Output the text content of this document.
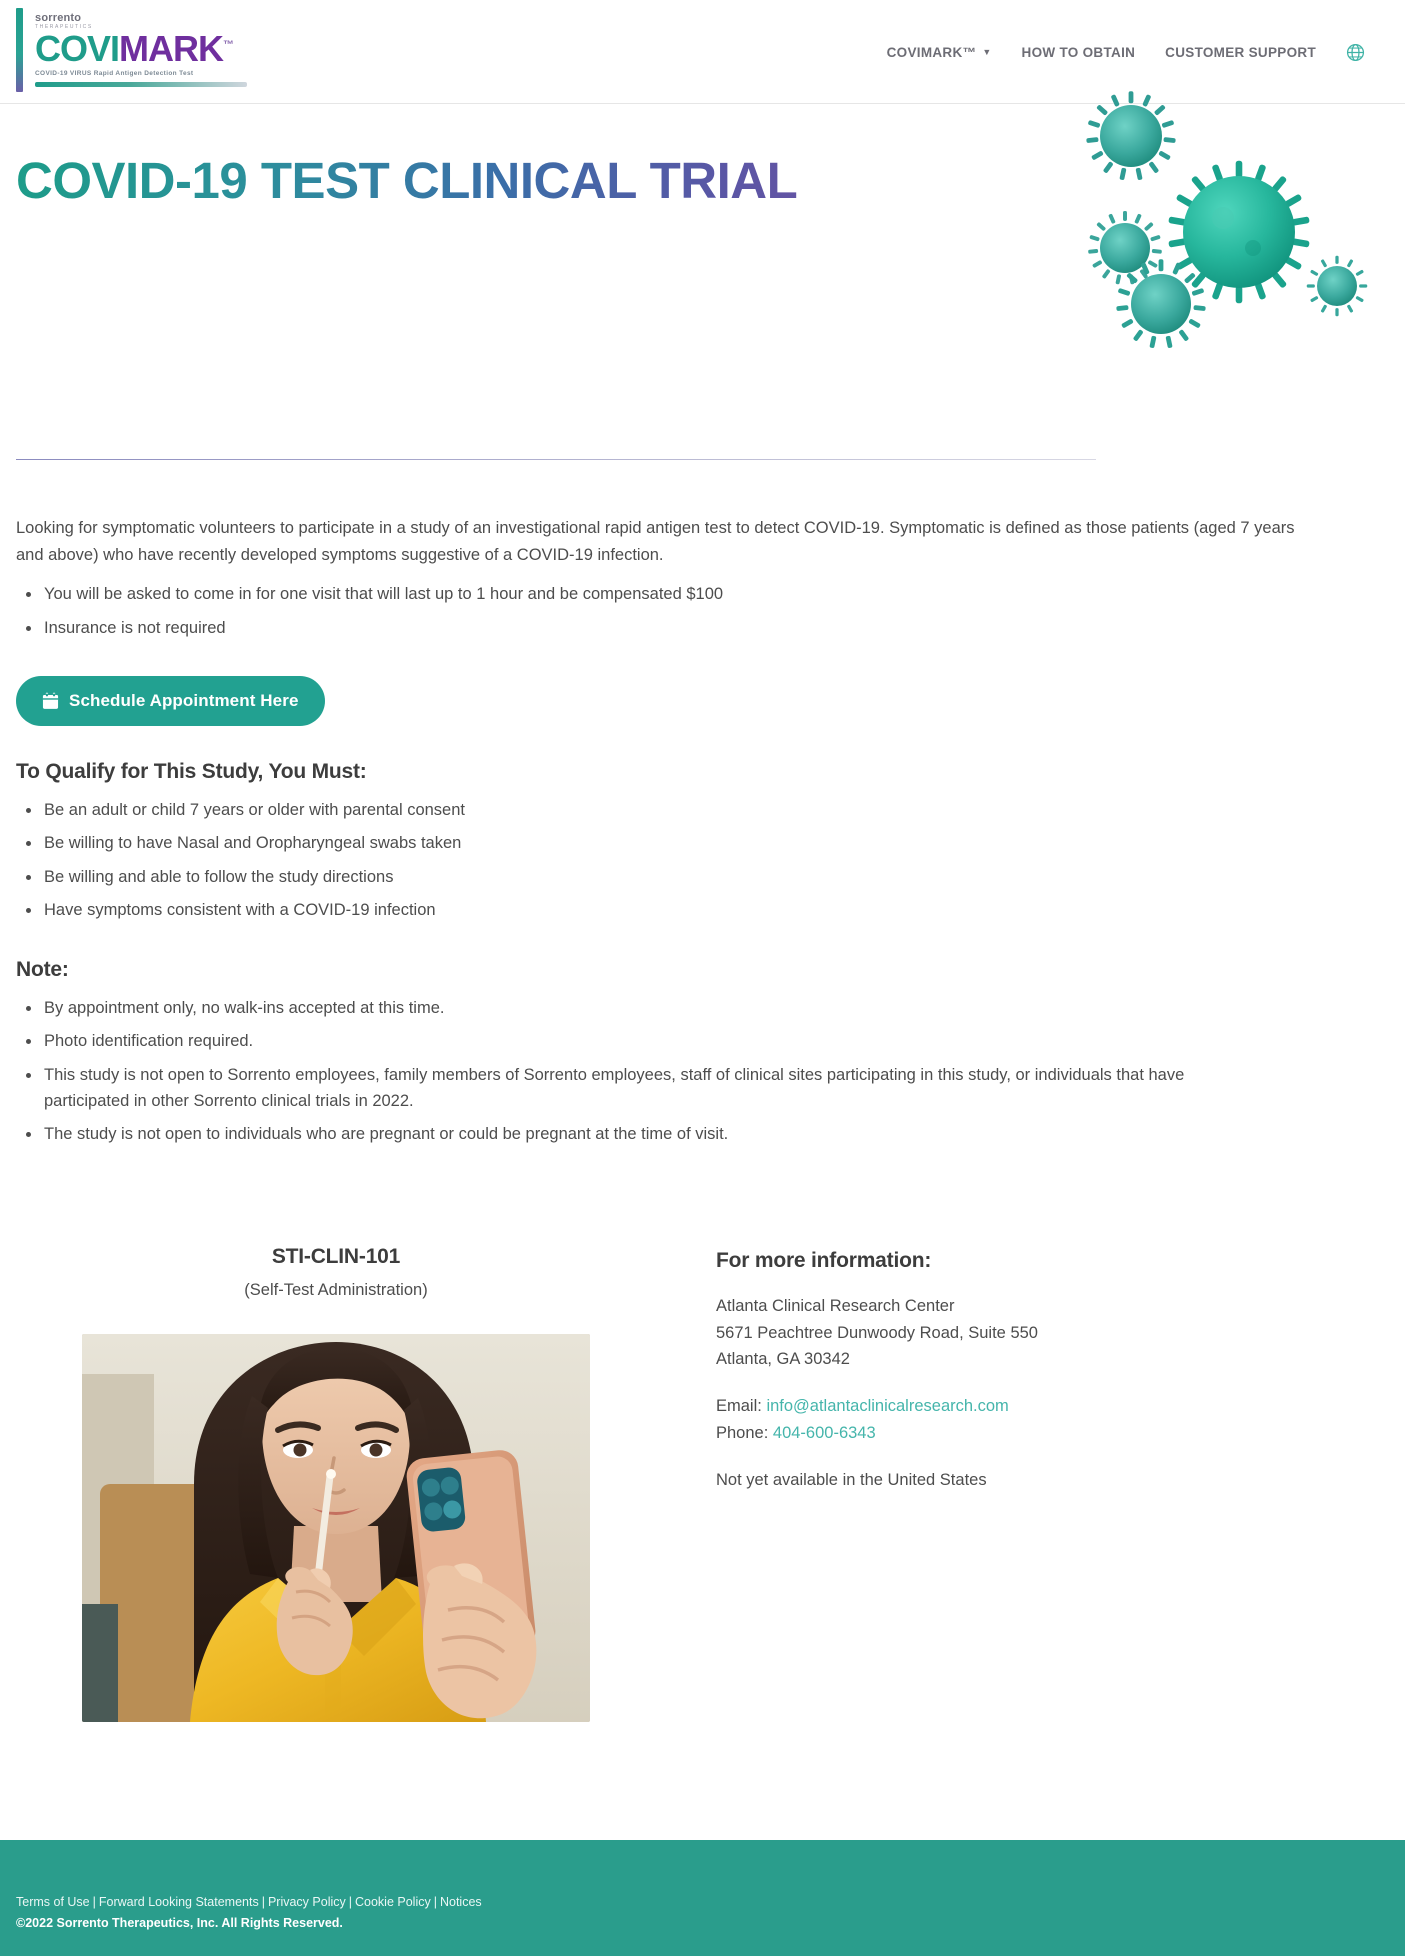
sorrento
THERAPEUTICS
COVIMARK™
COVID-19 VIRUS Rapid Antigen Detection Test
COVIMARK™ ▼ HOW TO OBTAIN CUSTOMER SUPPORT
COVID-19 TEST CLINICAL TRIAL

Looking for symptomatic volunteers to participate in a study of an investigational rapid antigen test to detect COVID-19. Symptomatic is defined as those patients (aged 7 years and above) who have recently developed symptoms suggestive of a COVID-19 infection.

You will be asked to come in for one visit that will last up to 1 hour and be compensated $100
Insurance is not required
Schedule Appointment Here
To Qualify for This Study, You Must:
Be an adult or child 7 years or older with parental consent
Be willing to have Nasal and Oropharyngeal swabs taken
Be willing and able to follow the study directions
Have symptoms consistent with a COVID-19 infection
Note:
By appointment only, no walk-ins accepted at this time.
Photo identification required.
This study is not open to Sorrento employees, family members of Sorrento employees, staff of clinical sites participating in this study, or individuals that have participated in other Sorrento clinical trials in 2022.
The study is not open to individuals who are pregnant or could be pregnant at the time of visit.
STI-CLIN-101
(Self-Test Administration)
For more information:
Atlanta Clinical Research Center
5671 Peachtree Dunwoody Road, Suite 550
Atlanta, GA 30342
Email: info@atlantaclinicalresearch.com
Phone: 404-600-6343
Not yet available in the United States
Terms of Use | Forward Looking Statements | Privacy Policy | Cookie Policy | Notices
©2022 Sorrento Therapeutics, Inc. All Rights Reserved.
